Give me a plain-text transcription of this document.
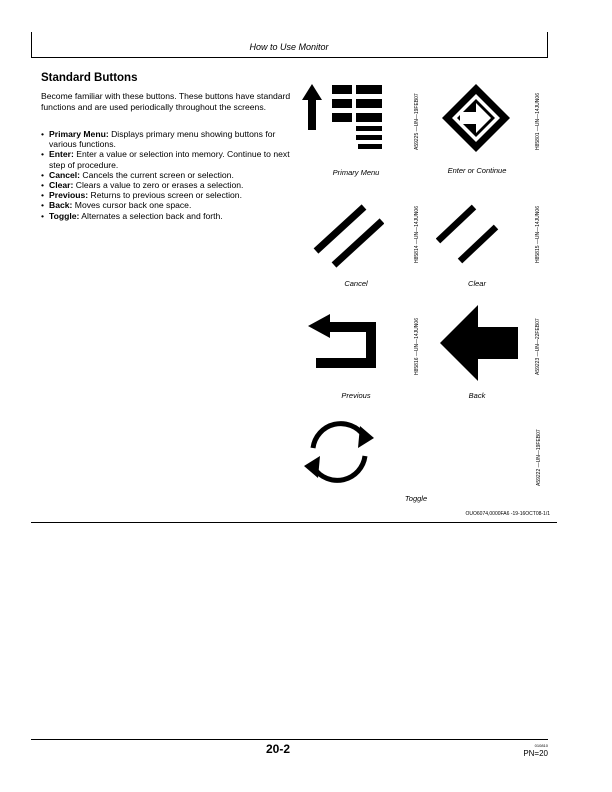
How to Use Monitor
Standard Buttons

Become familiar with these buttons. These buttons have standard functions and are used periodically throughout the screens.

• Primary Menu: Displays primary menu showing buttons for various functions.
• Enter: Enter a value or selection into memory. Continue to next step of procedure.
• Cancel: Cancels the current screen or selection.
• Clear: Clears a value to zero or erases a selection.
• Previous: Returns to previous screen or selection.
• Back: Moves cursor back one space.
• Toggle: Alternates a selection back and forth.
Primary Menu
A59225 —UN—19FEB07
Enter or Continue
H85801 —UN—14JUN06
Cancel
H85814 —UN—14JUN06
Clear
H85815 —UN—14JUN06
Previous
H85816 —UN—14JUN06
Back
A59223 —UN—22FEB07
Toggle
A59222 —UN—19FEB07
OUO6074,0000FA6 -19-16OCT08-1/1
20-2	010810
PN=20
